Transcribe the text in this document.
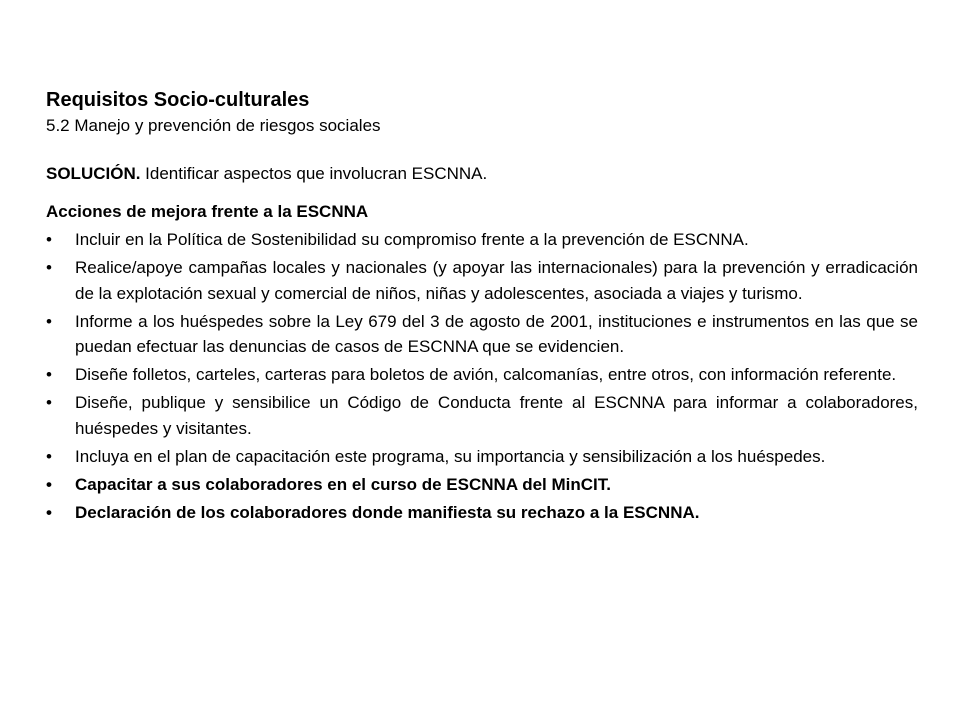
Requisitos Socio-culturales

5.2 Manejo y prevención de riesgos sociales

SOLUCIÓN. Identificar aspectos que involucran ESCNNA.

Acciones de mejora frente a la ESCNNA

• Incluir en la Política de Sostenibilidad su compromiso frente a la prevención de ESCNNA.
• Realice/apoye campañas locales y nacionales (y apoyar las internacionales) para la prevención y erradicación de la explotación sexual y comercial de niños, niñas y adolescentes, asociada a viajes y turismo.
• Informe a los huéspedes sobre la Ley 679 del 3 de agosto de 2001, instituciones e instrumentos en las que se puedan efectuar las denuncias de casos de ESCNNA que se evidencien.
• Diseñe folletos, carteles, carteras para boletos de avión, calcomanías, entre otros, con información referente.
• Diseñe, publique y sensibilice un Código de Conducta frente al ESCNNA para informar a colaboradores, huéspedes y visitantes.
• Incluya en el plan de capacitación este programa, su importancia y sensibilización a los huéspedes.
• Capacitar a sus colaboradores en el curso de ESCNNA del MinCIT.
• Declaración de los colaboradores donde manifiesta su rechazo a la ESCNNA.
